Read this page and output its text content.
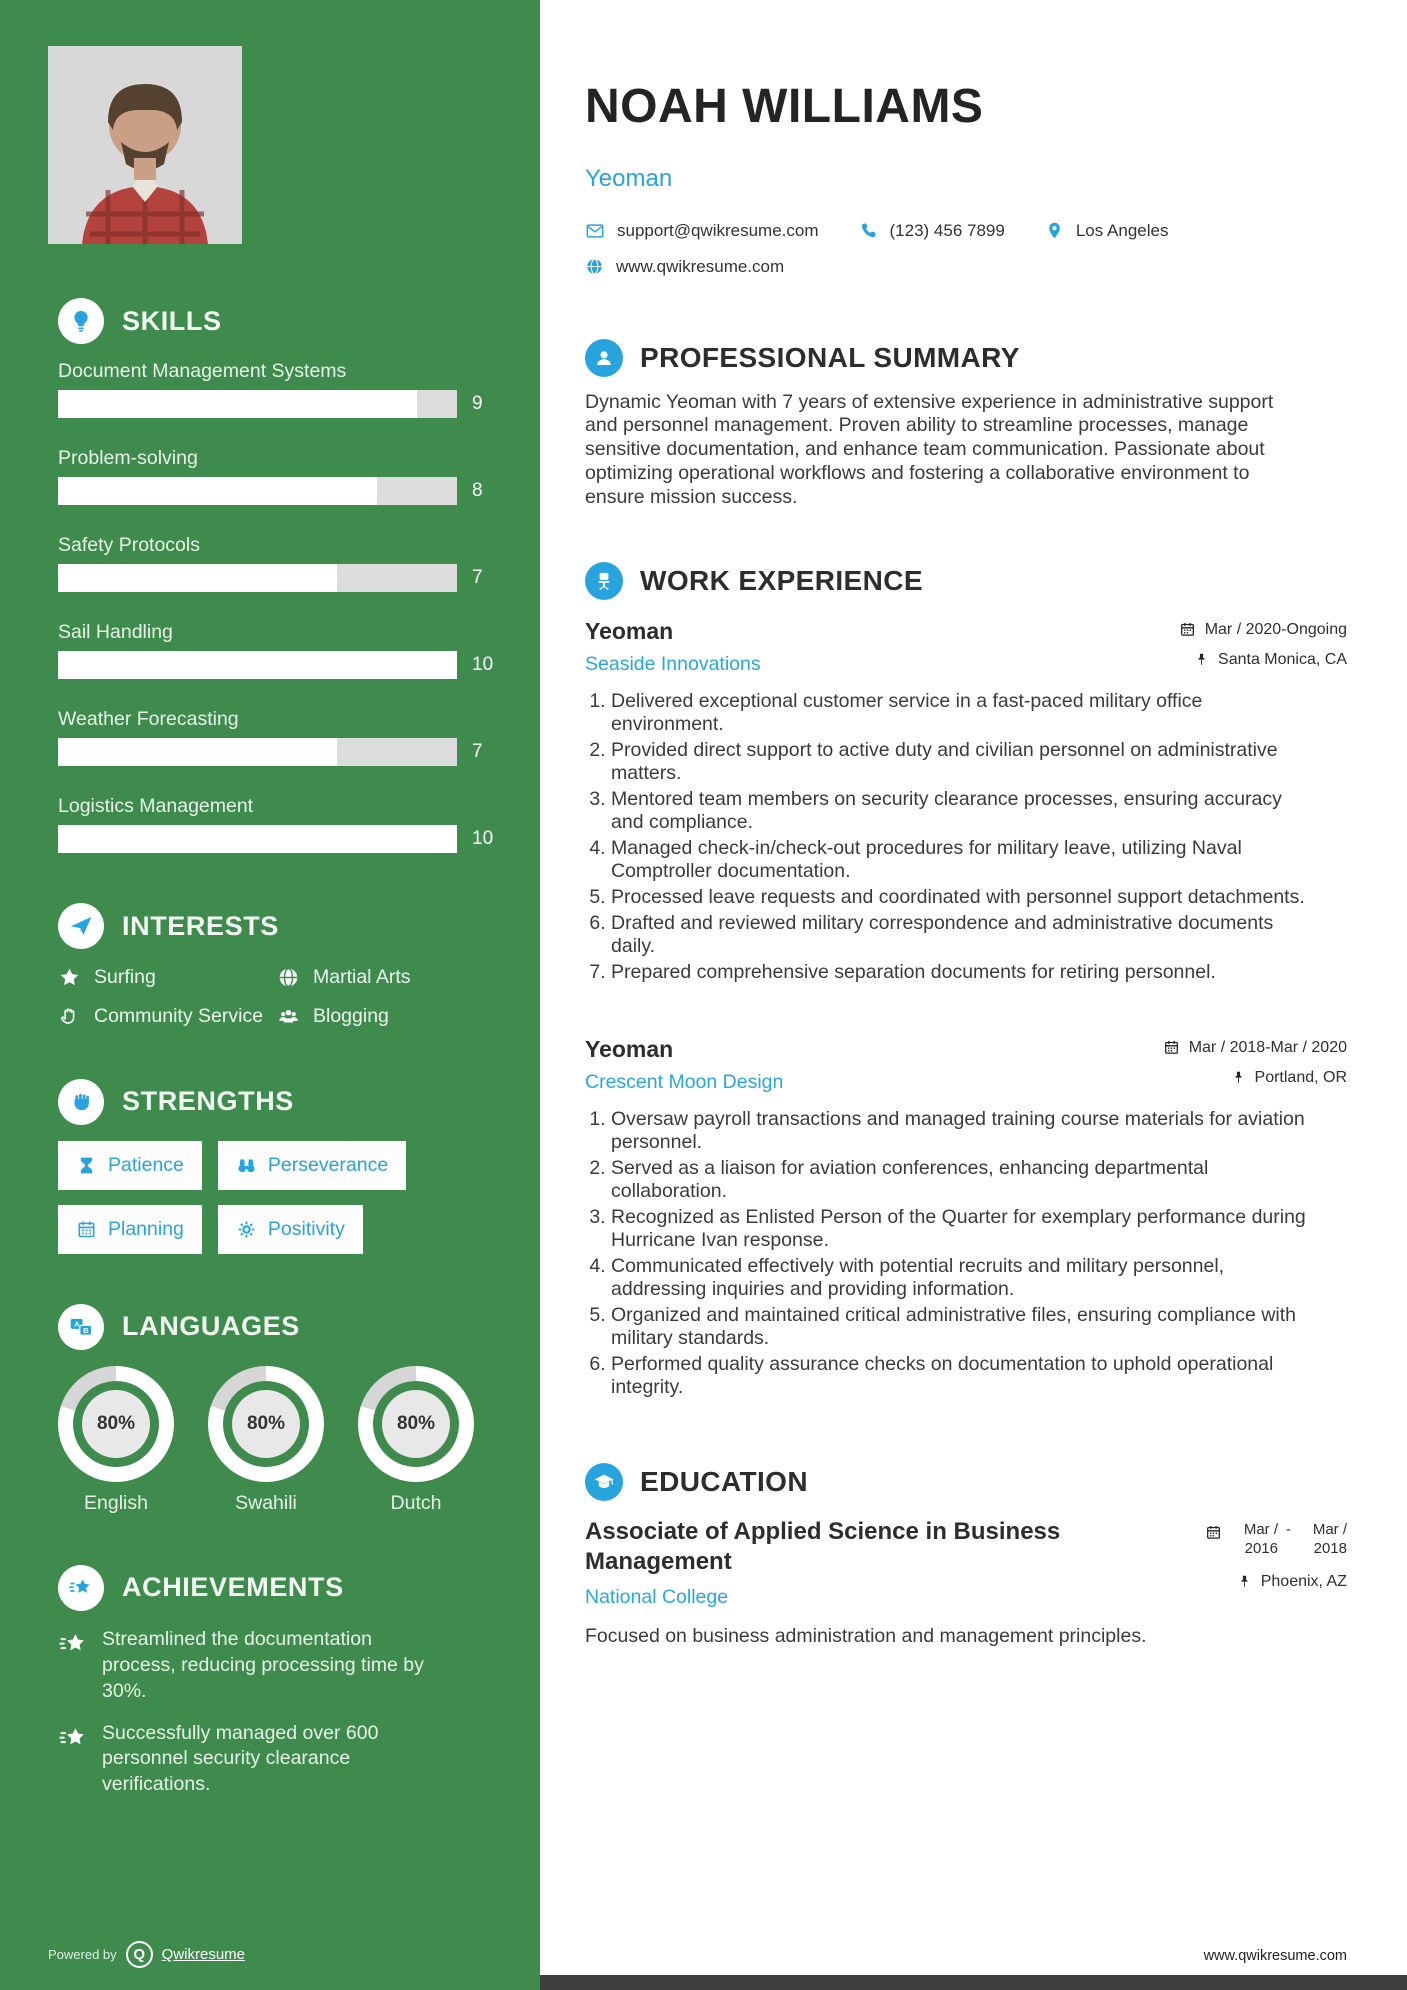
SKILLS
Document Management Systems
9
Problem-solving
8
Safety Protocols
7
Sail Handling
10
Weather Forecasting
7
Logistics Management
10
INTERESTS
Surfing	Martial Arts
Community Service	Blogging
STRENGTHS
Patience	Perseverance
Planning	Positivity
A
B LANGUAGES
80%
English
80%
Swahili
80%
Dutch
ACHIEVEMENTS
Streamlined the documentation process, reducing processing time by 30%.
Successfully managed over 600 personnel security clearance verifications.
Powered by	Q	Qwikresume
NOAH WILLIAMS
Yeoman
support@qwikresume.com	(123) 456 7899	Los Angeles
www.qwikresume.com
PROFESSIONAL SUMMARY

Dynamic Yeoman with 7 years of extensive experience in administrative support and personnel management. Proven ability to streamline processes, manage sensitive documentation, and enhance team communication. Passionate about optimizing operational workflows and fostering a collaborative environment to ensure mission success.

WORK EXPERIENCE
Yeoman
Seaside Innovations
Mar / 2020-Ongoing
Santa Monica, CA
1. Delivered exceptional customer service in a fast-paced military office environment.
2. Provided direct support to active duty and civilian personnel on administrative matters.
3. Mentored team members on security clearance processes, ensuring accuracy and compliance.
4. Managed check-in/check-out procedures for military leave, utilizing Naval Comptroller documentation.
5. Processed leave requests and coordinated with personnel support detachments.
6. Drafted and reviewed military correspondence and administrative documents daily.
7. Prepared comprehensive separation documents for retiring personnel.
Yeoman
Crescent Moon Design
Mar / 2018-Mar / 2020
Portland, OR
1. Oversaw payroll transactions and managed training course materials for aviation personnel.
2. Served as a liaison for aviation conferences, enhancing departmental collaboration.
3. Recognized as Enlisted Person of the Quarter for exemplary performance during Hurricane Ivan response.
4. Communicated effectively with potential recruits and military personnel, addressing inquiries and providing information.
5. Organized and maintained critical administrative files, ensuring compliance with military standards.
6. Performed quality assurance checks on documentation to uphold operational integrity.
EDUCATION
Associate of Applied Science in Business Management
National College
Mar / 2016
-	Mar / 2018
Phoenix, AZ

Focused on business administration and management principles.

www.qwikresume.com
